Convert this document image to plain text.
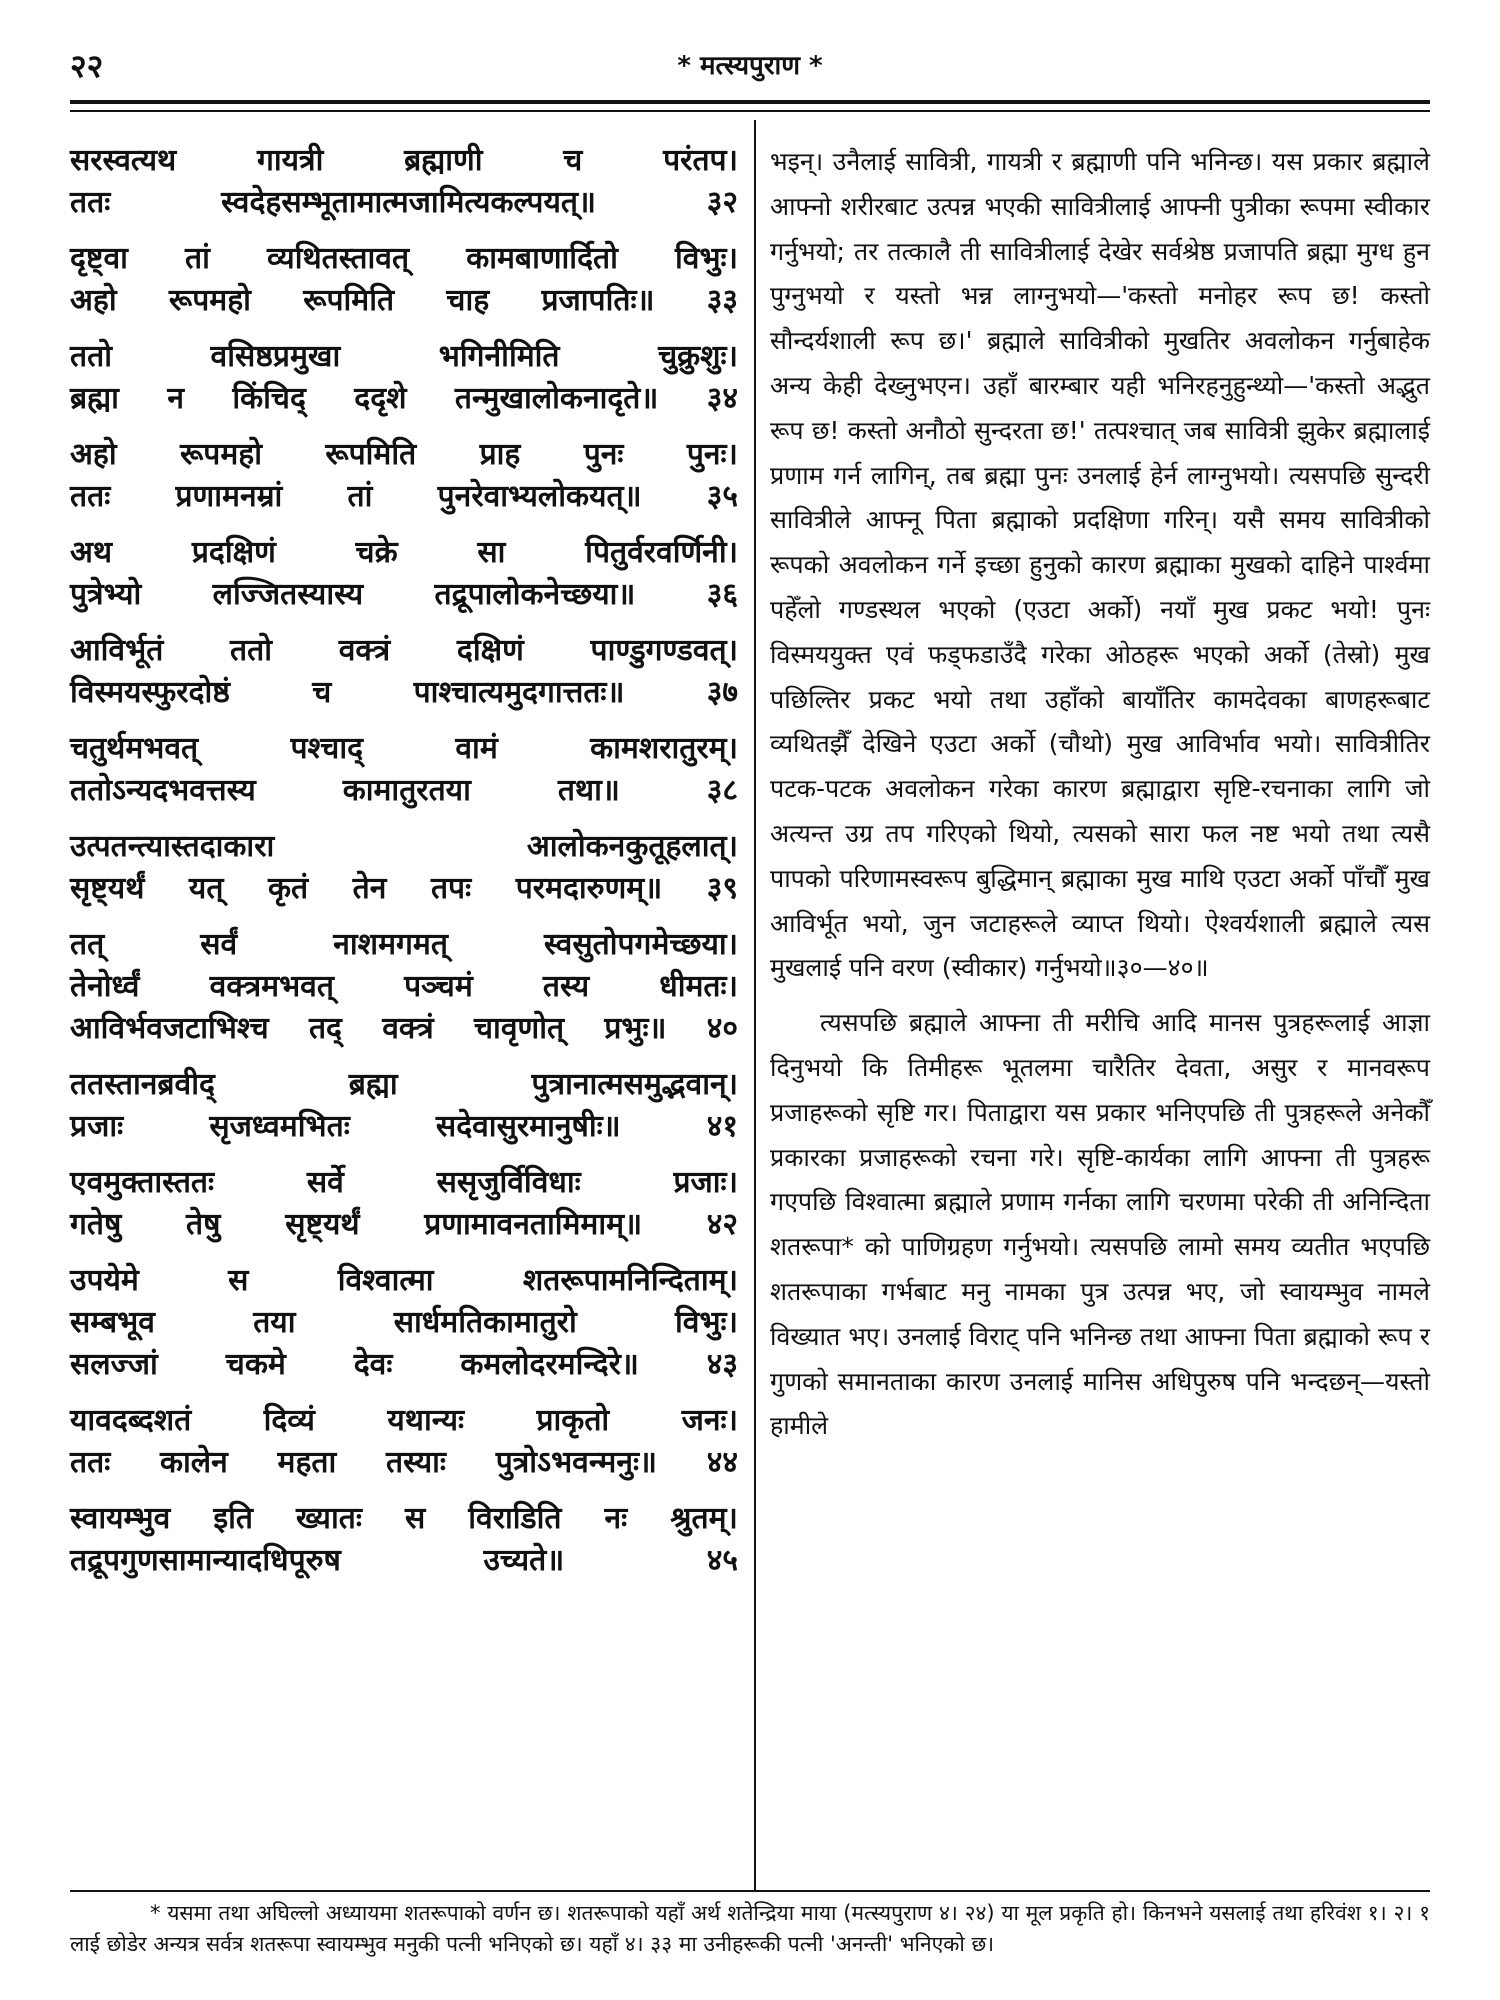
२२	* मत्स्यपुराण *
सरस्वत्यथ	गायत्री	ब्रह्माणी	च	परंतप।
ततः	स्वदेहसम्भूतामात्मजामित्यकल्पयत्॥	३२
दृष्ट्वा तां व्यथितस्तावत् कामबाणार्दितो विभुः।
अहो रूपमहो रूपमिति चाह प्रजापतिः॥ ३३
ततो	वसिष्ठप्रमुखा	भगिनीमिति	चुक्रुशुः।
ब्रह्मा न किंचिद् ददृशे तन्मुखालोकनादृते॥ ३४
अहो रूपमहो रूपमिति प्राह पुनः पुनः।
ततः प्रणामनम्रां तां पुनरेवाभ्यलोकयत्॥ ३५
अथ	प्रदक्षिणं	चक्रे	सा	पितुर्वरवर्णिनी।
पुत्रेभ्यो लज्जितस्यास्य तद्रूपालोकनेच्छया॥ ३६
आविर्भूतं ततो वक्त्रं दक्षिणं पाण्डुगण्डवत्।
विस्मयस्फुरदोष्ठं	च	पाश्चात्यमुदगात्ततः॥	३७
चतुर्थमभवत्	पश्चाद्	वामं	कामशरातुरम्।
ततोऽन्यदभवत्तस्य	कामातुरतया	तथा॥	३८
उत्पतन्त्यास्तदाकारा	आलोकनकुतूहलात्।
सृष्ट्यर्थं यत् कृतं तेन तपः परमदारुणम्॥ ३९
तत्	सर्वं	नाशमगमत्	स्वसुतोपगमेच्छया।
तेनोर्ध्वं वक्त्रमभवत् पञ्चमं तस्य धीमतः।
आविर्भवजटाभिश्च तद् वक्त्रं चावृणोत् प्रभुः॥ ४०
ततस्तानब्रवीद्	ब्रह्मा	पुत्रानात्मसमुद्भवान्।
प्रजाः	सृजध्वमभितः	सदेवासुरमानुषीः॥	४१
एवमुक्तास्ततः	सर्वे	ससृजुर्विविधाः	प्रजाः।
गतेषु तेषु सृष्ट्यर्थं प्रणामावनतामिमाम्॥ ४२
उपयेमे	स	विश्वात्मा	शतरूपामनिन्दिताम्।
सम्बभूव	तया	सार्धमतिकामातुरो	विभुः।
सलज्जां चकमे देवः कमलोदरमन्दिरे॥ ४३
यावदब्दशतं दिव्यं यथान्यः प्राकृतो जनः।
ततः कालेन महता तस्याः पुत्रोऽभवन्मनुः॥ ४४
स्वायम्भुव इति ख्यातः स विराडिति नः श्रुतम्।
तद्रूपगुणसामान्यादधिपूरुष	उच्यते॥	४५

भइन्। उनैलाई सावित्री, गायत्री र ब्रह्माणी पनि भनिन्छ। यस प्रकार ब्रह्माले आफ्नो शरीरबाट उत्पन्न भएकी सावित्रीलाई आफ्नी पुत्रीका रूपमा स्वीकार गर्नुभयो; तर तत्कालै ती सावित्रीलाई देखेर सर्वश्रेष्ठ प्रजापति ब्रह्मा मुग्ध हुन पुग्नुभयो र यस्तो भन्न लाग्नुभयो—'कस्तो मनोहर रूप छ! कस्तो सौन्दर्यशाली रूप छ।' ब्रह्माले सावित्रीको मुखतिर अवलोकन गर्नुबाहेक अन्य केही देख्नुभएन। उहाँ बारम्बार यही भनिरहनुहुन्थ्यो—'कस्तो अद्भुत रूप छ! कस्तो अनौठो सुन्दरता छ!' तत्पश्चात् जब सावित्री झुकेर ब्रह्मालाई प्रणाम गर्न लागिन्, तब ब्रह्मा पुनः उनलाई हेर्न लाग्नुभयो। त्यसपछि सुन्दरी सावित्रीले आफ्नू पिता ब्रह्माको प्रदक्षिणा गरिन्। यसै समय सावित्रीको रूपको अवलोकन गर्ने इच्छा हुनुको कारण ब्रह्माका मुखको दाहिने पार्श्वमा पहेँलो गण्डस्थल भएको (एउटा अर्को) नयाँ मुख प्रकट भयो! पुनः विस्मययुक्त एवं फड्फडाउँदै गरेका ओठहरू भएको अर्को (तेस्रो) मुख पछिल्तिर प्रकट भयो तथा उहाँको बायाँतिर कामदेवका बाणहरूबाट व्यथितझैँ देखिने एउटा अर्को (चौथो) मुख आविर्भाव भयो। सावित्रीतिर पटक-पटक अवलोकन गरेका कारण ब्रह्माद्वारा सृष्टि-रचनाका लागि जो अत्यन्त उग्र तप गरिएको थियो, त्यसको सारा फल नष्ट भयो तथा त्यसै पापको परिणामस्वरूप बुद्धिमान् ब्रह्माका मुख माथि एउटा अर्को पाँचौँ मुख आविर्भूत भयो, जुन जटाहरूले व्याप्त थियो। ऐश्वर्यशाली ब्रह्माले त्यस मुखलाई पनि वरण (स्वीकार) गर्नुभयो॥३०—४०॥

त्यसपछि ब्रह्माले आफ्ना ती मरीचि आदि मानस पुत्रहरूलाई आज्ञा दिनुभयो कि तिमीहरू भूतलमा चारैतिर देवता, असुर र मानवरूप प्रजाहरूको सृष्टि गर। पिताद्वारा यस प्रकार भनिएपछि ती पुत्रहरूले अनेकौँ प्रकारका प्रजाहरूको रचना गरे। सृष्टि-कार्यका लागि आफ्ना ती पुत्रहरू गएपछि विश्वात्मा ब्रह्माले प्रणाम गर्नका लागि चरणमा परेकी ती अनिन्दिता शतरूपा* को पाणिग्रहण गर्नुभयो। त्यसपछि लामो समय व्यतीत भएपछि शतरूपाका गर्भबाट मनु नामका पुत्र उत्पन्न भए, जो स्वायम्भुव नामले विख्यात भए। उनलाई विराट् पनि भनिन्छ तथा आफ्ना पिता ब्रह्माको रूप र गुणको समानताका कारण उनलाई मानिस अधिपुरुष पनि भन्दछन्—यस्तो हामीले

* यसमा तथा अघिल्लो अध्यायमा शतरूपाको वर्णन छ। शतरूपाको यहाँ अर्थ शतेन्द्रिया माया (मत्स्यपुराण ४। २४) या मूल प्रकृति हो। किनभने यसलाई तथा हरिवंश १। २। १ लाई छोडेर अन्यत्र सर्वत्र शतरूपा स्वायम्भुव मनुकी पत्नी भनिएको छ। यहाँ ४। ३३ मा उनीहरूकी पत्नी 'अनन्ती' भनिएको छ।
